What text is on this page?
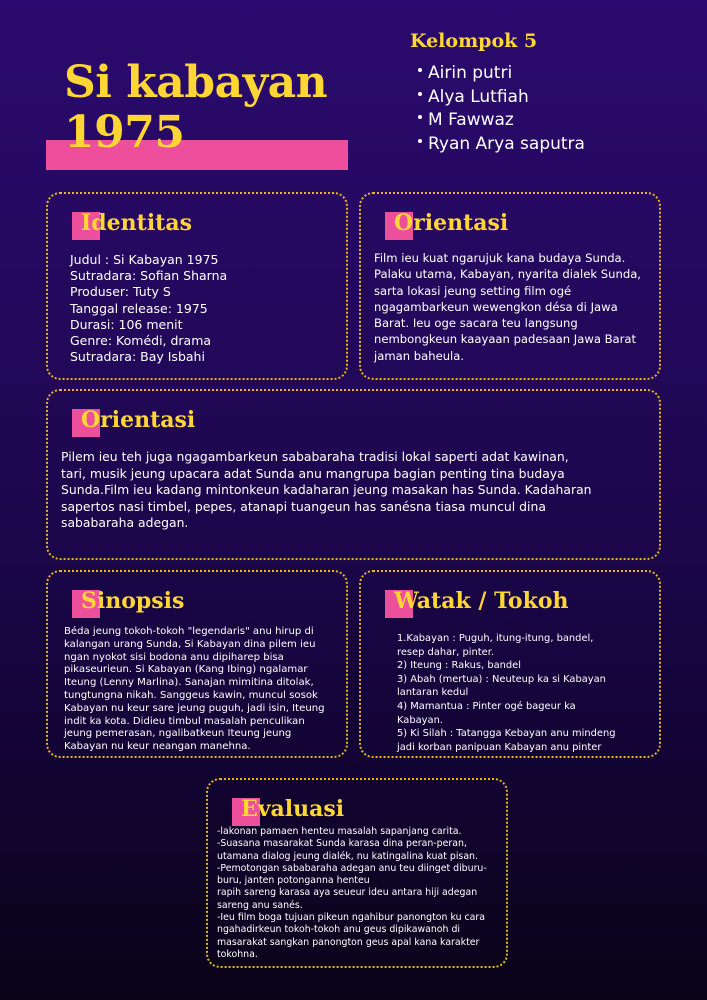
Si kabayan
1975
Kelompok 5
Airin putri
Alya Lutfiah
M Fawwaz
Ryan Arya saputra
Identitas
Judul : Si Kabayan 1975
Sutradara: Sofian Sharna
Produser: Tuty S
Tanggal release: 1975
Durasi: 106 menit
Genre: Komédi, drama
Sutradara: Bay Isbahi
Orientasi
Film ieu kuat ngarujuk kana budaya Sunda.
Palaku utama, Kabayan, nyarita dialek Sunda,
sarta lokasi jeung setting film ogé
ngagambarkeun wewengkon désa di Jawa
Barat. Ieu oge sacara teu langsung
nembongkeun kaayaan padesaan Jawa Barat
jaman baheula.
Orientasi
Pilem ieu teh juga ngagambarkeun sababaraha tradisi lokal saperti adat kawinan,
tari, musik jeung upacara adat Sunda anu mangrupa bagian penting tina budaya
Sunda.Film ieu kadang mintonkeun kadaharan jeung masakan has Sunda. Kadaharan
sapertos nasi timbel, pepes, atanapi tuangeun has sanésna tiasa muncul dina
sababaraha adegan.
Sinopsis
Béda jeung tokoh-tokoh "legendaris" anu hirup di
kalangan urang Sunda, Si Kabayan dina pilem ieu
ngan nyokot sisi bodona anu dipiharep bisa
pikaseurieun. Si Kabayan (Kang Ibing) ngalamar
Iteung (Lenny Marlina). Sanajan mimitina ditolak,
tungtungna nikah. Sanggeus kawin, muncul sosok
Kabayan nu keur sare jeung puguh, jadi isin, Iteung
indit ka kota. Didieu timbul masalah penculikan
jeung pemerasan, ngalibatkeun Iteung jeung
Kabayan nu keur neangan manehna.
Watak / Tokoh
1.Kabayan : Puguh, itung-itung, bandel,
resep dahar, pinter.
2) Iteung : Rakus, bandel
3) Abah (mertua) : Neuteup ka si Kabayan
lantaran kedul
4) Mamantua : Pinter ogé bageur ka
Kabayan.
5) Ki Silah : Tatangga Kebayan anu mindeng
jadi korban panipuan Kabayan anu pinter
Evaluasi
-lakonan pamaen henteu masalah sapanjang carita.
-Suasana masarakat Sunda karasa dina peran-peran,
utamana dialog jeung dialék, nu katingalina kuat pisan.
-Pemotongan sababaraha adegan anu teu diinget diburu-
buru, janten potonganna henteu
rapih sareng karasa aya seueur ideu antara hiji adegan
sareng anu sanés.
-Ieu film boga tujuan pikeun ngahibur panongton ku cara
ngahadirkeun tokoh-tokoh anu geus dipikawanoh di
masarakat sangkan panongton geus apal kana karakter
tokohna.
